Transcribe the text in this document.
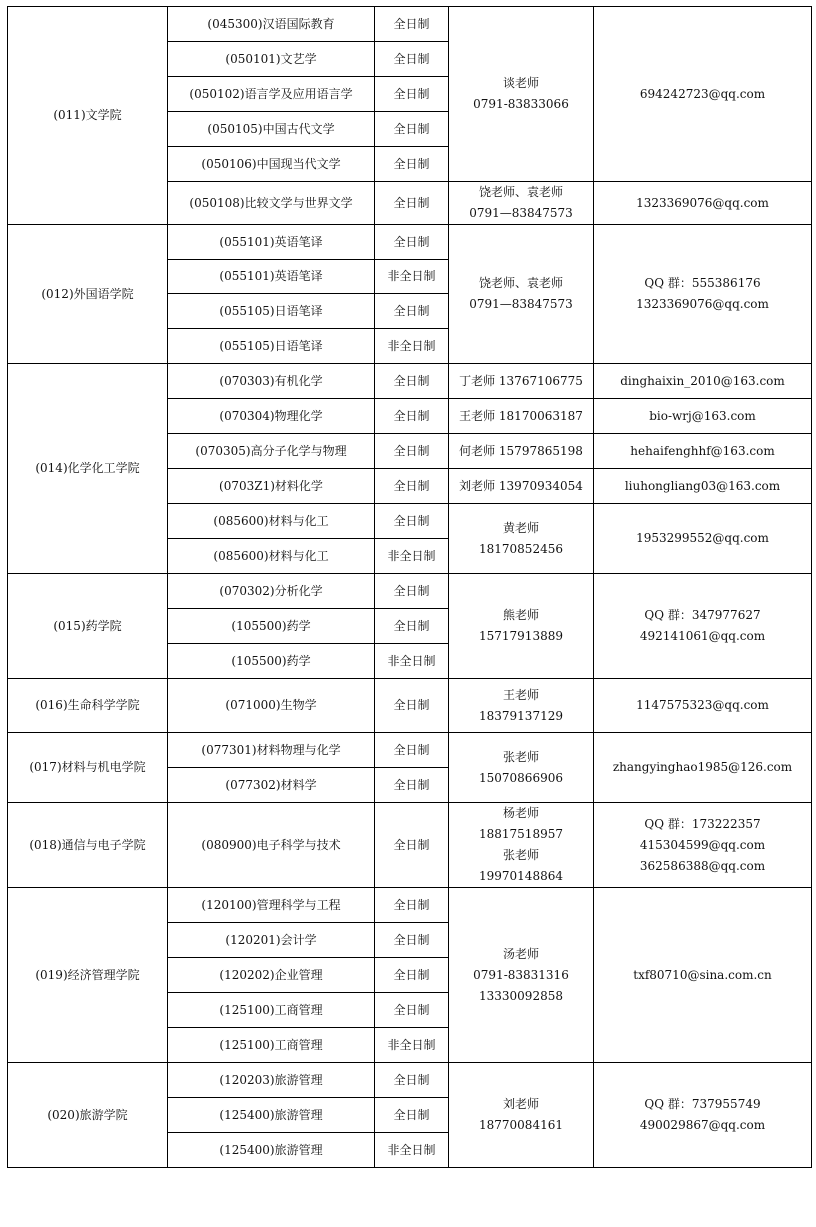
(011)文学院	(045300)汉语国际教育	全日制	谈老师
0791-83833066	694242723@qq.com

	(050101)文艺学	全日制		
	(050102)语言学及应用语言学	全日制		
	(050105)中国古代文学	全日制		
	(050106)中国现当代文学	全日制		
	(050108)比较文学与世界文学	全日制	饶老师、袁老师
0791—83847573	1323369076@qq.com

(012)外国语学院	(055101)英语笔译	全日制	饶老师、袁老师
0791—83847573	QQ 群：555386176
1323369076@qq.com

	(055101)英语笔译	非全日制		
	(055105)日语笔译	全日制		
	(055105)日语笔译	非全日制		
(014)化学化工学院	(070303)有机化学	全日制	丁老师 13767106775	dinghaixin_2010@163.com

	(070304)物理化学	全日制	王老师 18170063187	bio-wrj@163.com

	(070305)高分子化学与物理	全日制	何老师 15797865198	hehaifenghhf@163.com

	(0703Z1)材料化学	全日制	刘老师 13970934054	liuhongliang03@163.com

	(085600)材料与化工	全日制	黄老师
18170852456	1953299552@qq.com

	(085600)材料与化工	非全日制		
(015)药学院	(070302)分析化学	全日制	熊老师
15717913889	QQ 群：347977627
492141061@qq.com

	(105500)药学	全日制		
	(105500)药学	非全日制		
(016)生命科学学院	(071000)生物学	全日制	王老师
18379137129	1147575323@qq.com

(017)材料与机电学院	(077301)材料物理与化学	全日制	张老师
15070866906	zhangyinghao1985@126.com

	(077302)材料学	全日制		
(018)通信与电子学院	(080900)电子科学与技术	全日制	杨老师
18817518957
张老师
19970148864	QQ 群：173222357
415304599@qq.com
362586388@qq.com

(019)经济管理学院	(120100)管理科学与工程	全日制	汤老师
0791-83831316
13330092858	txf80710@sina.com.cn

	(120201)会计学	全日制		
	(120202)企业管理	全日制		
	(125100)工商管理	全日制		
	(125100)工商管理	非全日制		
(020)旅游学院	(120203)旅游管理	全日制	刘老师
18770084161	QQ 群：737955749
490029867@qq.com

	(125400)旅游管理	全日制		
	(125400)旅游管理	非全日制		
